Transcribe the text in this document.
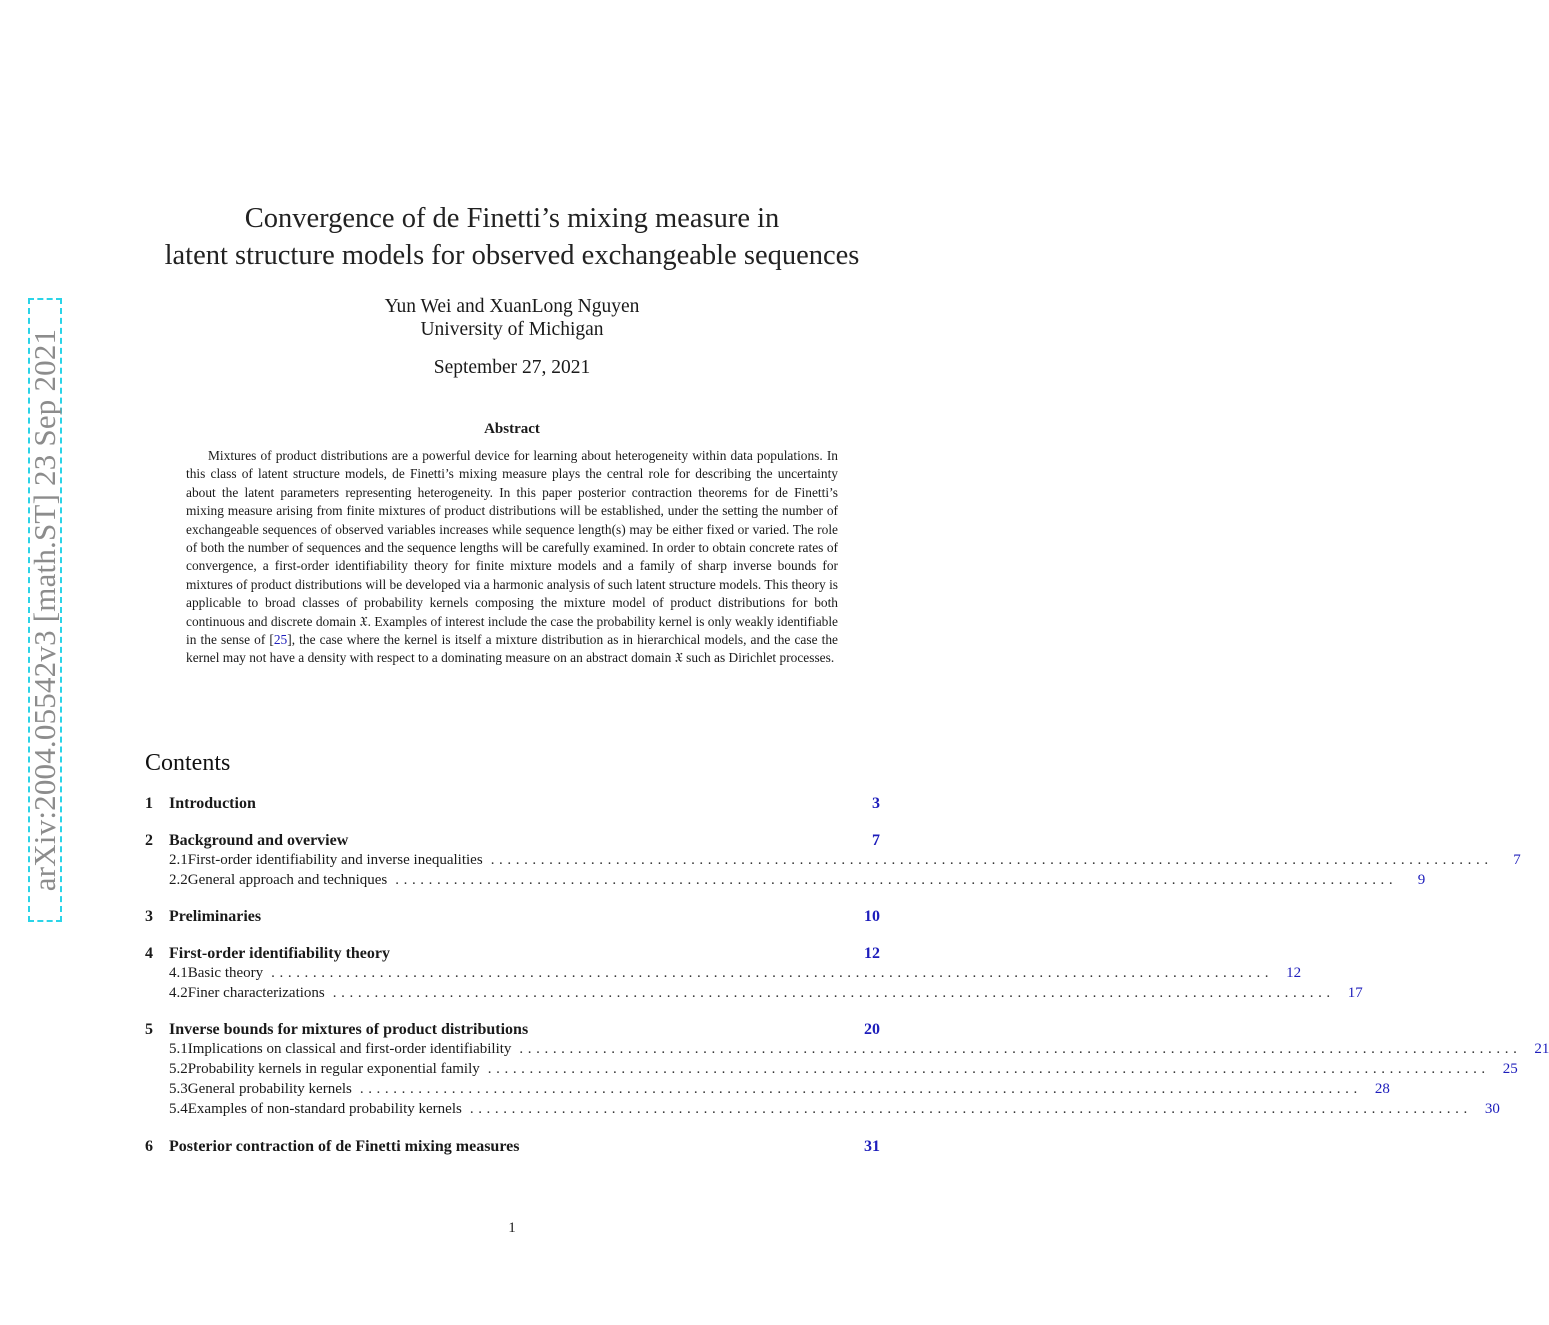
arXiv:2004.05542v3 [math.ST] 23 Sep 2021
Convergence of de Finetti’s mixing measure in
latent structure models for observed exchangeable sequences
Yun Wei and XuanLong Nguyen
University of Michigan
September 27, 2021
Abstract

Mixtures of product distributions are a powerful device for learning about heterogeneity within data populations. In this class of latent structure models, de Finetti’s mixing measure plays the central role for describing the uncertainty about the latent parameters representing heterogeneity. In this paper posterior contraction theorems for de Finetti’s mixing measure arising from finite mixtures of product distributions will be established, under the setting the number of exchangeable sequences of observed variables increases while sequence length(s) may be either fixed or varied. The role of both the number of sequences and the sequence lengths will be carefully examined. In order to obtain concrete rates of convergence, a first-order identifiability theory for finite mixture models and a family of sharp inverse bounds for mixtures of product distributions will be developed via a harmonic analysis of such latent structure models. This theory is applicable to broad classes of probability kernels composing the mixture model of product distributions for both continuous and discrete domain 𝔛. Examples of interest include the case the probability kernel is only weakly identifiable in the sense of [25], the case where the kernel is itself a mixture distribution as in hierarchical models, and the case the kernel may not have a density with respect to a dominating measure on an abstract domain 𝔛 such as Dirichlet processes.

Contents
1	Introduction	3
2	Background and overview	7
2.1 First-order identifiability and inverse inequalities ........................................................................................................................	7
2.2 General approach and techniques ........................................................................................................................	9
3	Preliminaries	10
4	First-order identifiability theory	12
4.1 Basic theory ........................................................................................................................ 12
4.2 Finer characterizations ........................................................................................................................ 17
5	Inverse bounds for mixtures of product distributions	20
5.1 Implications on classical and first-order identifiability ........................................................................................................................ 21
5.2 Probability kernels in regular exponential family ........................................................................................................................ 25
5.3 General probability kernels ........................................................................................................................ 28
5.4 Examples of non-standard probability kernels ........................................................................................................................ 30
6	Posterior contraction of de Finetti mixing measures	31
1
